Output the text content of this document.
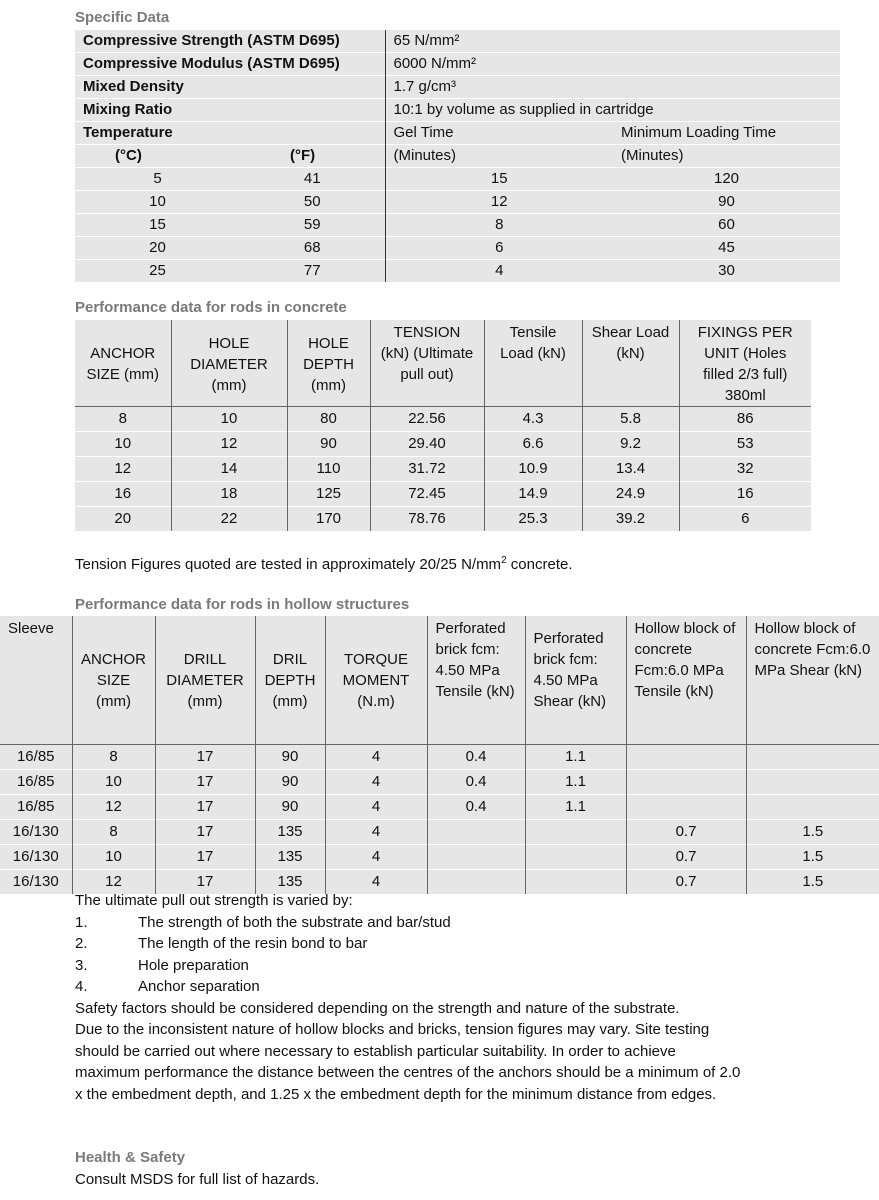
Specific Data
Compressive Strength (ASTM D695)		65 N/mm²	
Compressive Modulus (ASTM D695)		6000 N/mm²	
Mixed Density		1.7 g/cm³	
Mixing Ratio		10:1 by volume as supplied in cartridge	
Temperature		Gel Time	Minimum Loading Time
(°C)	(°F)	(Minutes)	(Minutes)
5	41	15	120
10	50	12	90
15	59	8	60
20	68	6	45
25	77	4	30
Performance data for rods in concrete
ANCHOR SIZE (mm)	HOLE DIAMETER (mm)	HOLE DEPTH (mm)	TENSION (kN) (Ultimate pull out)	Tensile Load (kN)	Shear Load (kN)	FIXINGS PER UNIT (Holes filled 2/3 full) 380ml
8	10	80	22.56	4.3	5.8	86
10	12	90	29.40	6.6	9.2	53
12	14	110	31.72	10.9	13.4	32
16	18	125	72.45	14.9	24.9	16
20	22	170	78.76	25.3	39.2	6
Tension Figures quoted are tested in approximately 20/25 $N/mm^2$ concrete.
Performance data for rods in hollow structures
Sleeve	ANCHOR SIZE (mm)	DRILL DIAMETER (mm)	DRIL DEPTH (mm)	TORQUE MOMENT (N.m)	Perforated brick fcm: 4.50 MPa Tensile (kN)	Perforated brick fcm: 4.50 MPa Shear (kN)	Hollow block of concrete Fcm:6.0 MPa Tensile (kN)	Hollow block of concrete Fcm:6.0 MPa Shear (kN)
16/85	8	17	90	4	0.4	1.1		
16/85	10	17	90	4	0.4	1.1		
16/85	12	17	90	4	0.4	1.1		
16/130	8	17	135	4			0.7	1.5
16/130	10	17	135	4			0.7	1.5
16/130	12	17	135	4			0.7	1.5
The ultimate pull out strength is varied by:
1.	The strength of both the substrate and bar/stud
2.	The length of the resin bond to bar
3.	Hole preparation
4.	Anchor separation
Safety factors should be considered depending on the strength and nature of the substrate.
Due to the inconsistent nature of hollow blocks and bricks, tension figures may vary. Site testing
should be carried out where necessary to establish particular suitability. In order to achieve
maximum performance the distance between the centres of the anchors should be a minimum of 2.0
x the embedment depth, and 1.25 x the embedment depth for the minimum distance from edges.
Health & Safety
Consult MSDS for full list of hazards.
